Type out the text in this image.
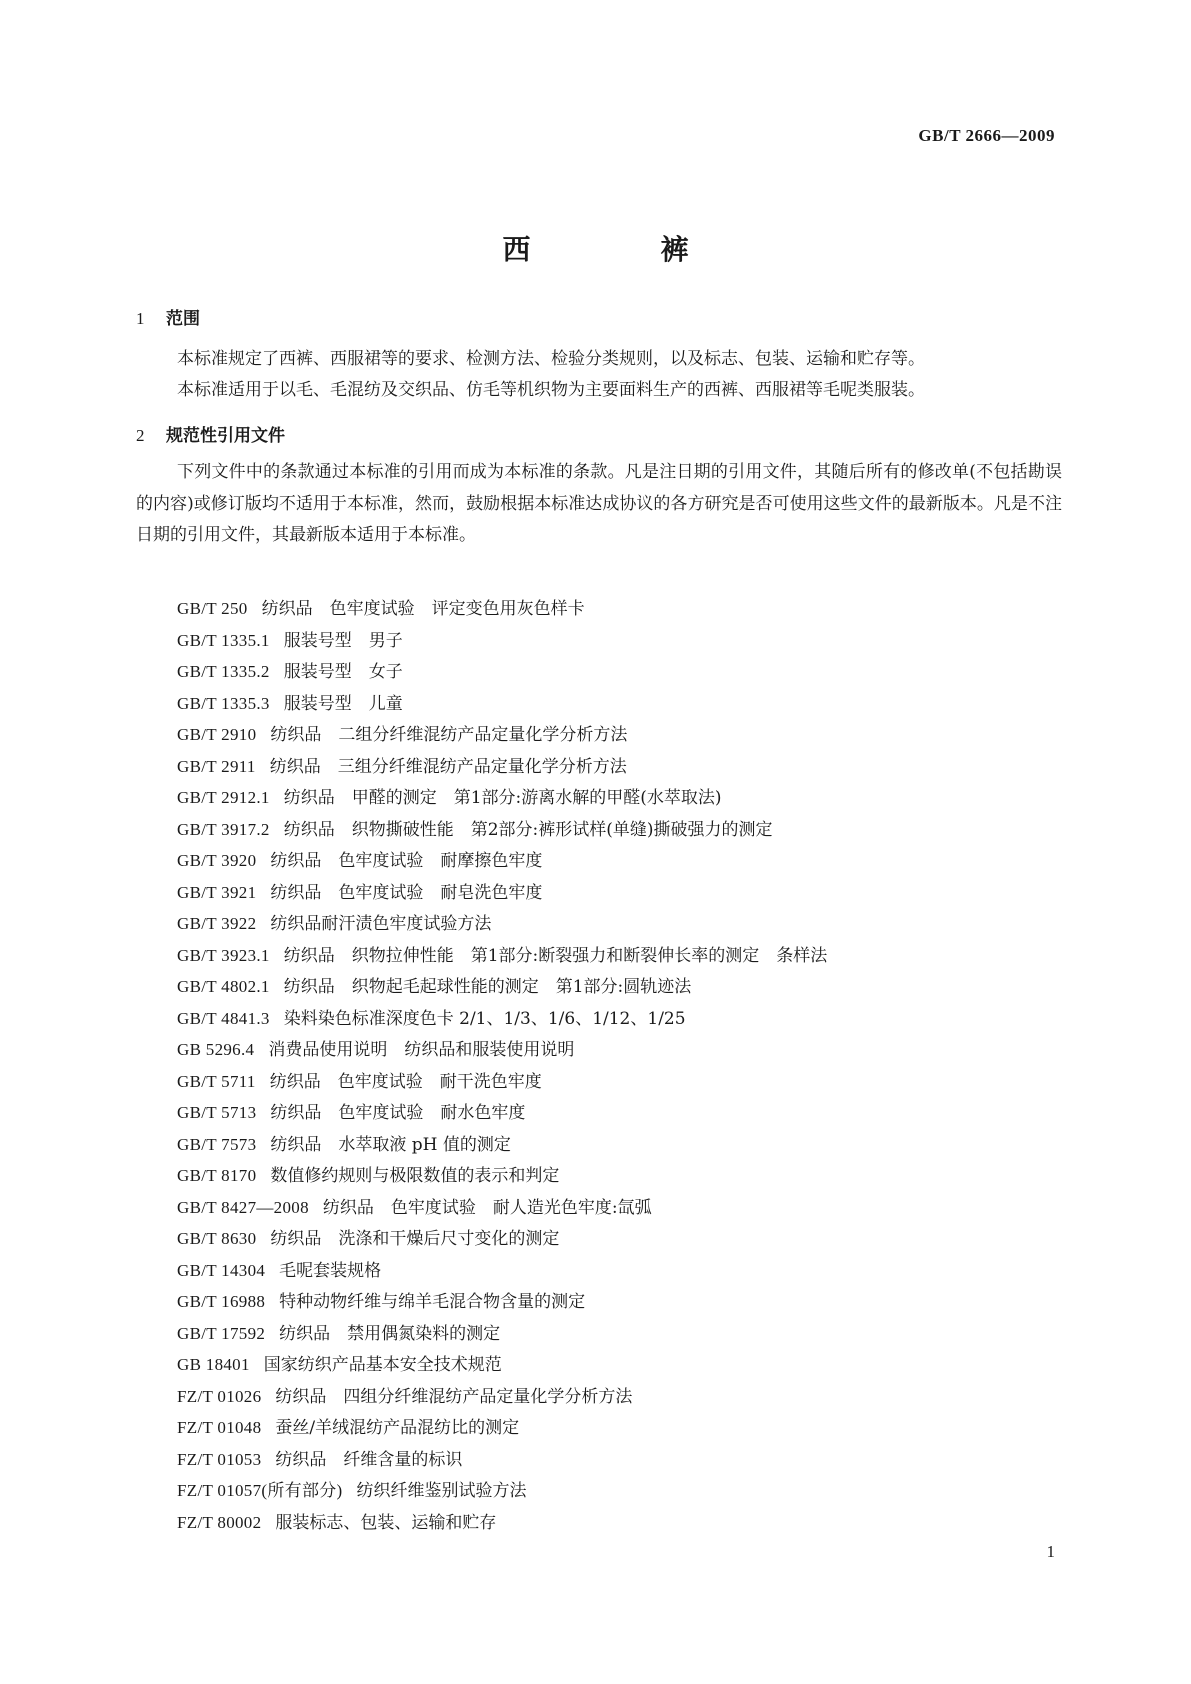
GB/T 2666—2009
西	裤
1 范围
本标准规定了西裤、西服裙等的要求、检测方法、检验分类规则，以及标志、包装、运输和贮存等。
本标准适用于以毛、毛混纺及交织品、仿毛等机织物为主要面料生产的西裤、西服裙等毛呢类服装。
2 规范性引用文件
下列文件中的条款通过本标准的引用而成为本标准的条款。凡是注日期的引用文件，其随后所有的修改单(不包括勘误的内容)或修订版均不适用于本标准，然而，鼓励根据本标准达成协议的各方研究是否可使用这些文件的最新版本。凡是不注日期的引用文件，其最新版本适用于本标准。
GB/T 250 纺织品　色牢度试验　评定变色用灰色样卡
GB/T 1335.1 服装号型　男子
GB/T 1335.2 服装号型　女子
GB/T 1335.3 服装号型　儿童
GB/T 2910 纺织品　二组分纤维混纺产品定量化学分析方法
GB/T 2911 纺织品　三组分纤维混纺产品定量化学分析方法
GB/T 2912.1 纺织品　甲醛的测定　第1部分:游离水解的甲醛(水萃取法)
GB/T 3917.2 纺织品　织物撕破性能　第2部分:裤形试样(单缝)撕破强力的测定
GB/T 3920 纺织品　色牢度试验　耐摩擦色牢度
GB/T 3921 纺织品　色牢度试验　耐皂洗色牢度
GB/T 3922 纺织品耐汗渍色牢度试验方法
GB/T 3923.1 纺织品　织物拉伸性能　第1部分:断裂强力和断裂伸长率的测定　条样法
GB/T 4802.1 纺织品　织物起毛起球性能的测定　第1部分:圆轨迹法
GB/T 4841.3 染料染色标准深度色卡 2/1、1/3、1/6、1/12、1/25
GB 5296.4 消费品使用说明　纺织品和服装使用说明
GB/T 5711 纺织品　色牢度试验　耐干洗色牢度
GB/T 5713 纺织品　色牢度试验　耐水色牢度
GB/T 7573 纺织品　水萃取液 pH 值的测定
GB/T 8170 数值修约规则与极限数值的表示和判定
GB/T 8427—2008 纺织品　色牢度试验　耐人造光色牢度:氙弧
GB/T 8630 纺织品　洗涤和干燥后尺寸变化的测定
GB/T 14304 毛呢套装规格
GB/T 16988 特种动物纤维与绵羊毛混合物含量的测定
GB/T 17592 纺织品　禁用偶氮染料的测定
GB 18401 国家纺织产品基本安全技术规范
FZ/T 01026 纺织品　四组分纤维混纺产品定量化学分析方法
FZ/T 01048 蚕丝/羊绒混纺产品混纺比的测定
FZ/T 01053 纺织品　纤维含量的标识
FZ/T 01057(所有部分) 纺织纤维鉴别试验方法
FZ/T 80002 服装标志、包装、运输和贮存
1
